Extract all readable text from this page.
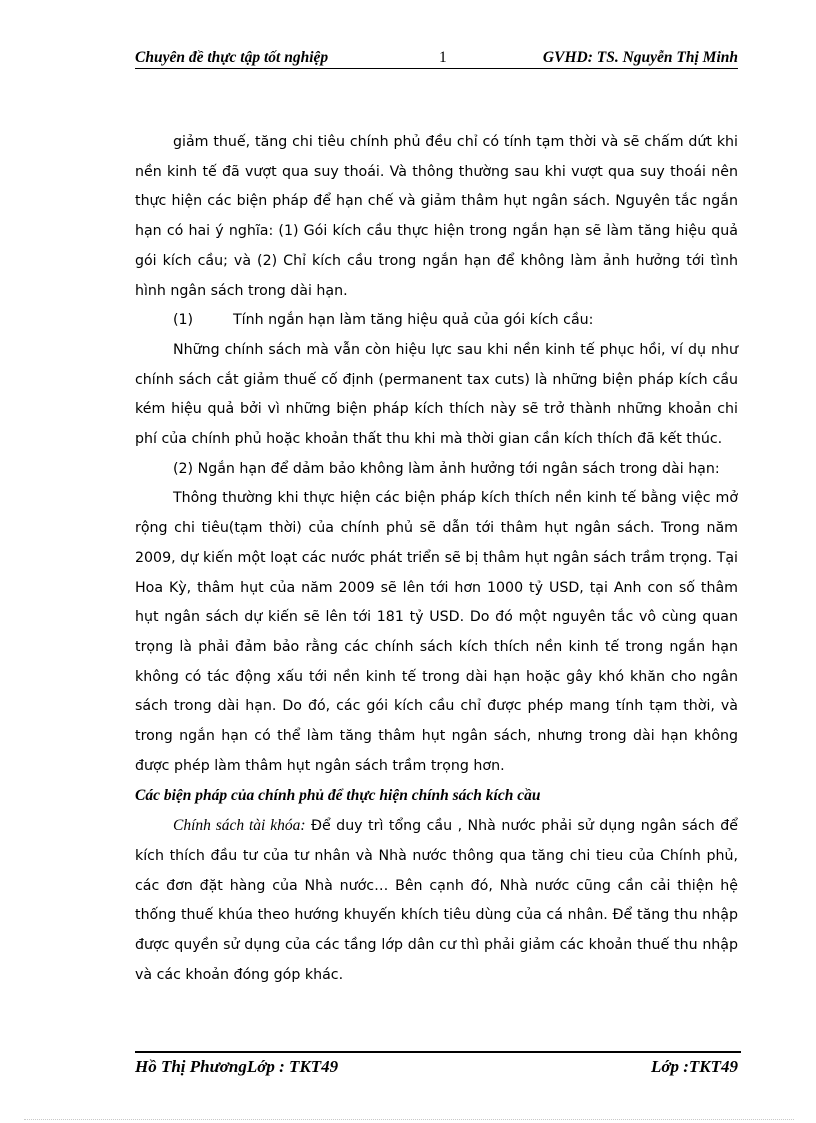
Chuyên đề thực tập tốt nghiệp	1	GVHD: TS. Nguyễn Thị Minh

giảm thuế, tăng chi tiêu chính phủ đều chỉ có tính tạm thời và sẽ chấm dứt khi nền kinh tế đã vượt qua suy thoái. Và thông thường sau khi vượt qua suy thoái nên thực hiện các biện pháp để hạn chế và giảm thâm hụt ngân sách. Nguyên tắc ngắn hạn có hai ý nghĩa: (1) Gói kích cầu thực hiện trong ngắn hạn sẽ làm tăng hiệu quả gói kích cầu; và (2) Chỉ kích cầu trong ngắn hạn để không làm ảnh hưởng tới tình hình ngân sách trong dài hạn.

(1)	Tính ngắn hạn làm tăng hiệu quả của gói kích cầu:

Những chính sách mà vẫn còn hiệu lực sau khi nền kinh tế phục hồi, ví dụ như chính sách cắt giảm thuế cố định (permanent tax cuts) là những biện pháp kích cầu kém hiệu quả bởi vì những biện pháp kích thích này sẽ trở thành những khoản chi phí của chính phủ hoặc khoản thất thu khi mà thời gian cần kích thích đã kết thúc.

(2) Ngắn hạn để dảm bảo không làm ảnh hưởng tới ngân sách trong dài hạn:

Thông thường khi thực hiện các biện pháp kích thích nền kinh tế bằng việc mở rộng chi tiêu(tạm thời) của chính phủ sẽ dẫn tới thâm hụt ngân sách. Trong năm 2009, dự kiến một loạt các nước phát triển sẽ bị thâm hụt ngân sách trầm trọng. Tại Hoa Kỳ, thâm hụt của năm 2009 sẽ lên tới hơn 1000 tỷ USD, tại Anh con số thâm hụt ngân sách dự kiến sẽ lên tới 181 tỷ USD. Do đó một nguyên tắc vô cùng quan trọng là phải đảm bảo rằng các chính sách kích thích nền kinh tế trong ngắn hạn không có tác động xấu tới nền kinh tế trong dài hạn hoặc gây khó khăn cho ngân sách trong dài hạn. Do đó, các gói kích cầu chỉ được phép mang tính tạm thời, và trong ngắn hạn có thể làm tăng thâm hụt ngân sách, nhưng trong dài hạn không được phép làm thâm hụt ngân sách trầm trọng hơn.

Các biện pháp của chính phủ để thực hiện chính sách kích cầu

Chính sách tài khóa: Để duy trì tổng cầu , Nhà nước phải sử dụng ngân sách để kích thích đầu tư của tư nhân và Nhà nước thông qua tăng chi tieu của Chính phủ, các đơn đặt hàng của Nhà nước… Bên cạnh đó, Nhà nước cũng cần cải thiện hệ thống thuế khúa theo hướng khuyến khích tiêu dùng của cá nhân. Để tăng thu nhập được quyền sử dụng của các tầng lớp dân cư thì phải giảm các khoản thuế thu nhập và các khoản đóng góp khác.

Hồ Thị PhươngLớp : TKT49	Lớp :TKT49
